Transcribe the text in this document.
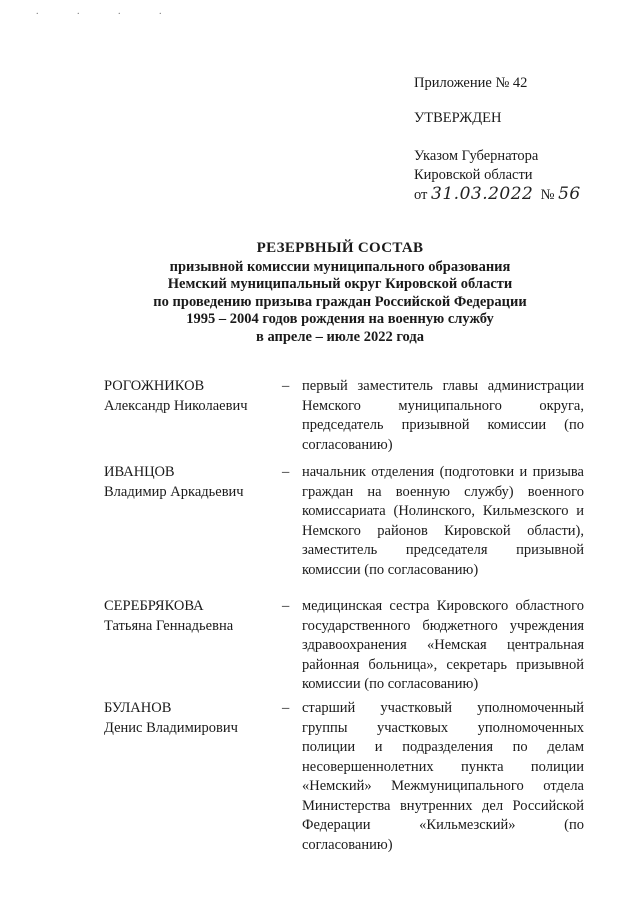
. . . .
Приложение № 42
УТВЕРЖДЕН
Указом Губернатора
Кировской области
от 31.03.2022 № 56
РЕЗЕРВНЫЙ СОСТАВ
призывной комиссии муниципального образования
Немский муниципальный округ Кировской области
по проведению призыва граждан Российской Федерации
1995 – 2004 годов рождения на военную службу
в апреле – июле 2022 года
РОГОЖНИКОВ
Александр Николаевич
– первый заместитель главы администрации Немского муниципального округа, председатель призывной комиссии (по согласованию)
ИВАНЦОВ
Владимир Аркадьевич
– начальник отделения (подготовки и призыва граждан на военную службу) военного комиссариата (Нолинского, Кильмезского и Немского районов Кировской области), заместитель председателя призывной комиссии (по согласованию)
СЕРЕБРЯКОВА
Татьяна Геннадьевна
– медицинская сестра Кировского областного государственного бюджетного учреждения здравоохранения «Немская центральная районная больница», секретарь призывной комиссии (по согласованию)
БУЛАНОВ
Денис Владимирович
– старший участковый уполномоченный группы участковых уполномоченных полиции и подразделения по делам несовершеннолетних пункта полиции «Немский» Межмуниципального отдела Министерства внутренних дел Российской Федерации «Кильмезский» (по согласованию)
